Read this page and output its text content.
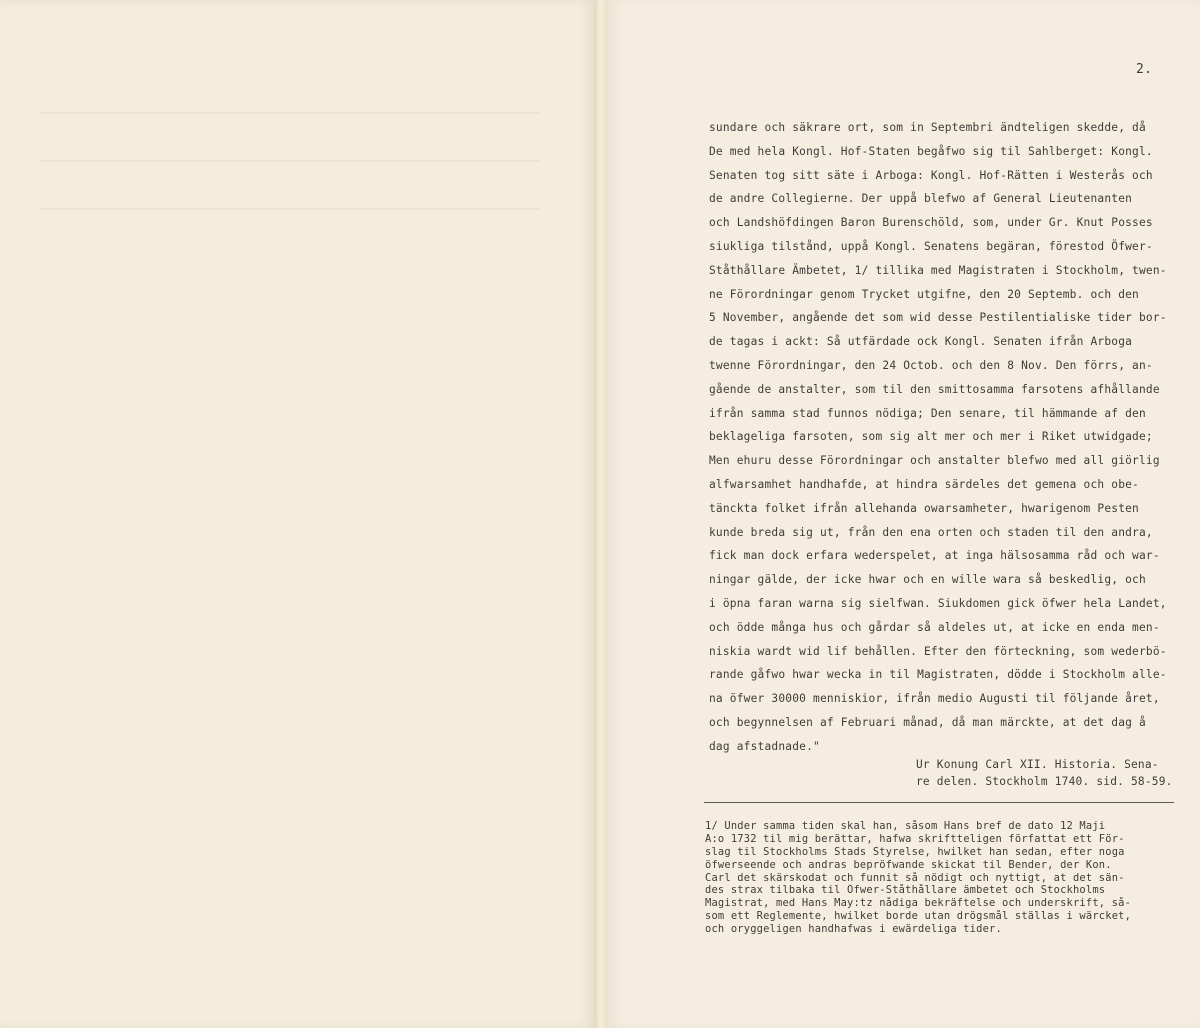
2.
sundare och säkrare ort, som in Septembri ändteligen skedde, då
De med hela Kongl. Hof-Staten begåfwo sig til Sahlberget: Kongl.
Senaten tog sitt säte i Arboga: Kongl. Hof-Rätten i Westerås och
de andre Collegierne. Der uppå blefwo af General Lieutenanten
och Landshöfdingen Baron Burenschöld, som, under Gr. Knut Posses
siukliga tilstånd, uppå Kongl. Senatens begäran, förestod Öfwer-
Ståthållare Ämbetet, 1/ tillika med Magistraten i Stockholm, twen-
ne Förordningar genom Trycket utgifne, den 20 Septemb. och den
5 November, angående det som wid desse Pestilentialiske tider bor-
de tagas i ackt: Så utfärdade ock Kongl. Senaten ifrån Arboga
twenne Förordningar, den 24 Octob. och den 8 Nov. Den förrs, an-
gående de anstalter, som til den smittosamma farsotens afhållande
ifrån samma stad funnos nödiga; Den senare, til hämmande af den
beklageliga farsoten, som sig alt mer och mer i Riket utwidgade;
Men ehuru desse Förordningar och anstalter blefwo med all giörlig
alfwarsamhet handhafde, at hindra särdeles det gemena och obe-
tänckta folket ifrån allehanda owarsamheter, hwarigenom Pesten
kunde breda sig ut, från den ena orten och staden til den andra,
fick man dock erfara wederspelet, at inga hälsosamma råd och war-
ningar gälde, der icke hwar och en wille wara så beskedlig, och
i öpna faran warna sig sielfwan. Siukdomen gick öfwer hela Landet,
och ödde många hus och gårdar så aldeles ut, at icke en enda men-
niskia wardt wid lif behållen. Efter den förteckning, som wederbö-
rande gåfwo hwar wecka in til Magistraten, dödde i Stockholm alle-
na öfwer 30000 menniskior, ifrån medio Augusti til följande året,
och begynnelsen af Februari månad, då man märckte, at det dag å
dag afstadnade."
Ur Konung Carl XII. Historia. Sena-
re delen. Stockholm 1740. sid. 58-59.
1/ Under samma tiden skal han, såsom Hans bref de dato 12 Maji
A:o 1732 til mig berättar, hafwa skriftteligen författat ett För-
slag til Stockholms Stads Styrelse, hwilket han sedan, efter noga
öfwerseende och andras bepröfwande skickat til Bender, der Kon.
Carl det skärskodat och funnit så nödigt och nyttigt, at det sän-
des strax tilbaka til Öfwer-Ståthållare ämbetet och Stockholms
Magistrat, med Hans May:tz nådiga bekräftelse och underskrift, så-
som ett Reglemente, hwilket borde utan drögsmål ställas i wärcket,
och oryggeligen handhafwas i ewärdeliga tider.
